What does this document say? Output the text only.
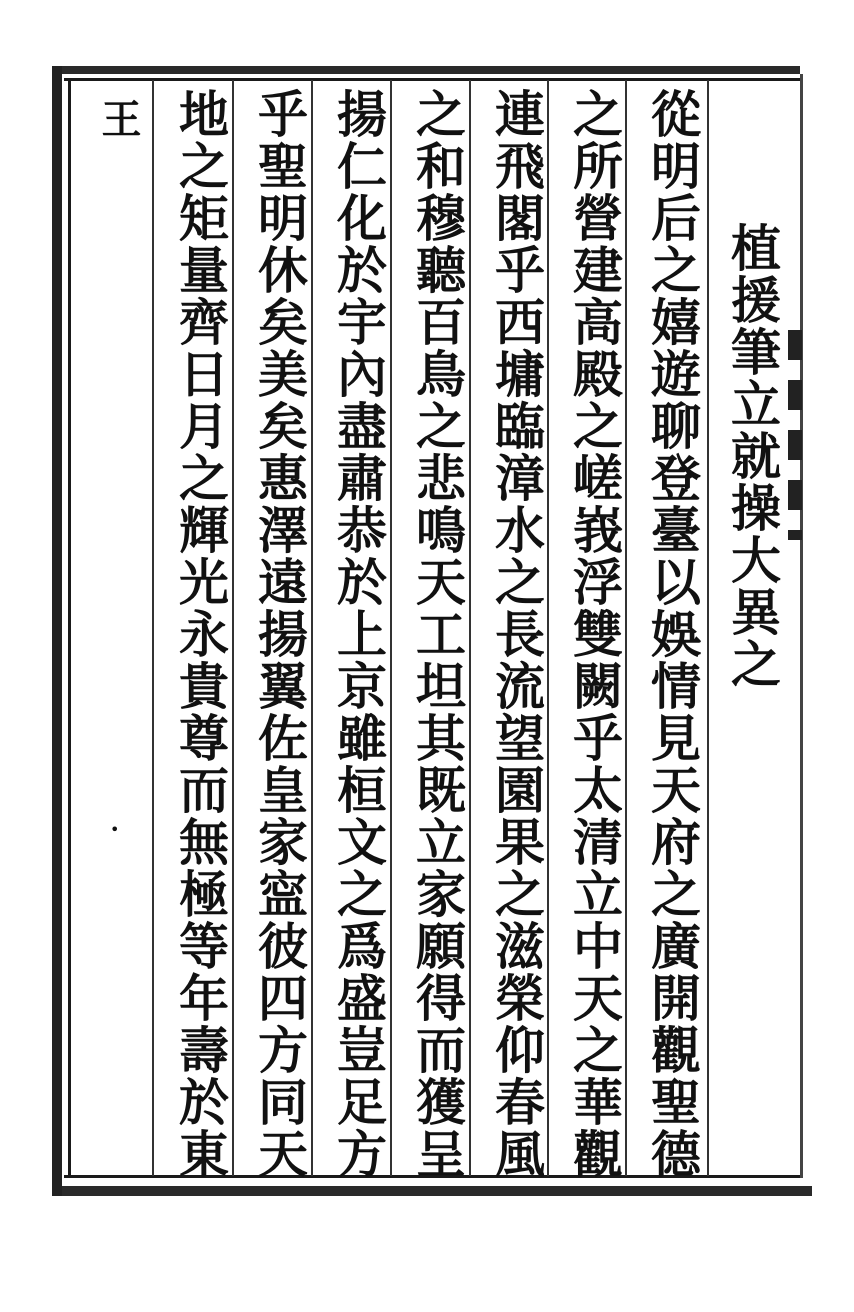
王
•
植援筆立就操大異之
從明后之嬉遊聊登臺以娛情見天府之廣開觀聖德
之所營建高殿之嵯峩浮雙闕乎太清立中天之華觀
連飛閣乎西墉臨漳水之長流望園果之滋榮仰春風
之和穆聽百鳥之悲鳴天工坦其既立家願得而獲呈
揚仁化於宇內盡肅恭於上京雖桓文之爲盛豈足方
乎聖明休矣美矣惠澤遠揚翼佐皇家寍彼四方同天
地之矩量齊日月之輝光永貴尊而無極等年壽於東
